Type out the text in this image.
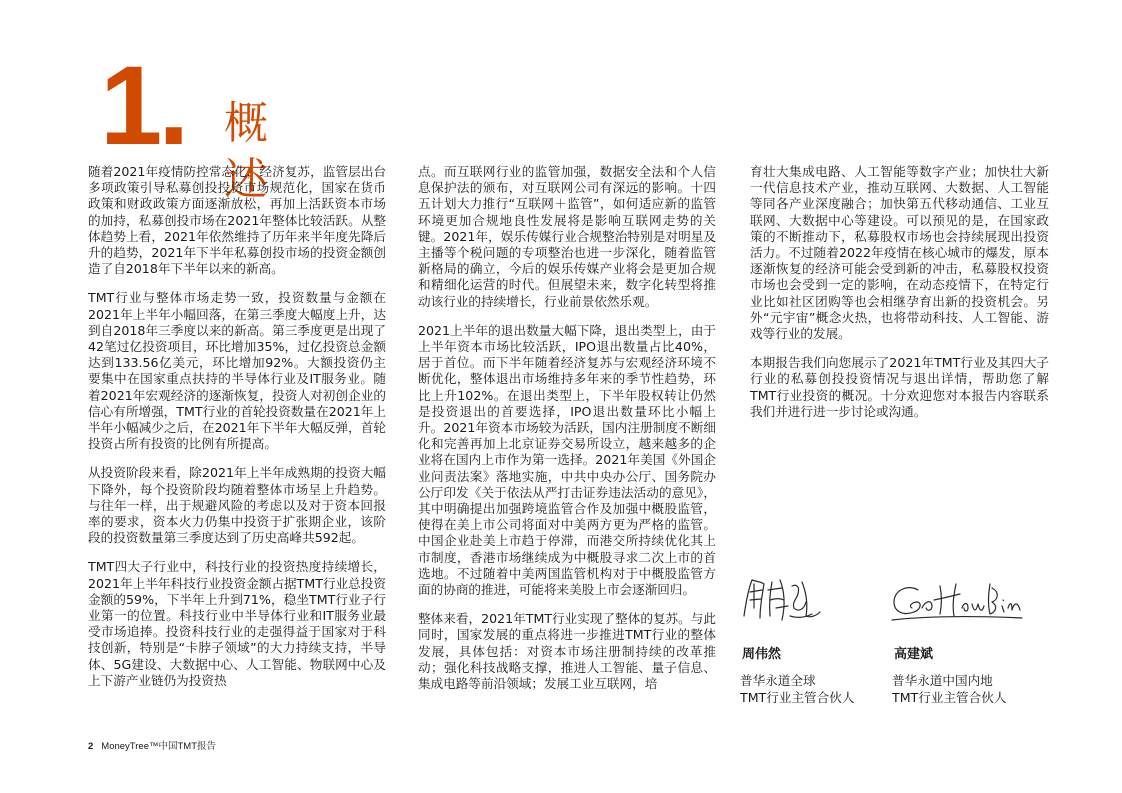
1. 概述

随着2021年疫情防控常态化，经济复苏，监管层出台多项政策引导私募创投投资市场规范化，国家在货币政策和财政政策方面逐渐放松，再加上活跃资本市场的加持，私募创投市场在2021年整体比较活跃。从整体趋势上看，2021年依然维持了历年来半年度先降后升的趋势，2021年下半年私募创投市场的投资金额创造了自2018年下半年以来的新高。

TMT行业与整体市场走势一致，投资数量与金额在2021年上半年小幅回落，在第三季度大幅度上升，达到自2018年三季度以来的新高。第三季度更是出现了42笔过亿投资项目，环比增加35%，过亿投资总金额达到133.56亿美元，环比增加92%。大额投资仍主要集中在国家重点扶持的半导体行业及IT服务业。随着2021年宏观经济的逐渐恢复，投资人对初创企业的信心有所增强，TMT行业的首轮投资数量在2021年上半年小幅减少之后，在2021年下半年大幅反弹，首轮投资占所有投资的比例有所提高。

从投资阶段来看，除2021年上半年成熟期的投资大幅下降外，每个投资阶段均随着整体市场呈上升趋势。与往年一样，出于规避风险的考虑以及对于资本回报率的要求，资本火力仍集中投资于扩张期企业，该阶段的投资数量第三季度达到了历史高峰共592起。

TMT四大子行业中，科技行业的投资热度持续增长，2021年上半年科技行业投资金额占据TMT行业总投资金额的59%，下半年上升到71%，稳坐TMT行业子行业第一的位置。科技行业中半导体行业和IT服务业最受市场追捧。投资科技行业的走强得益于国家对于科技创新，特别是“卡脖子领域”的大力持续支持，半导体、5G建设、大数据中心、人工智能、物联网中心及上下游产业链仍为投资热

点。而互联网行业的监管加强，数据安全法和个人信息保护法的颁布，对互联网公司有深远的影响。十四五计划大力推行“互联网＋监管”，如何适应新的监管环境更加合规地良性发展将是影响互联网走势的关键。2021年，娱乐传媒行业合规整治特别是对明星及主播等个税问题的专项整治也进一步深化，随着监管新格局的确立，今后的娱乐传媒产业将会是更加合规和精细化运营的时代。但展望未来，数字化转型将推动该行业的持续增长，行业前景依然乐观。

2021上半年的退出数量大幅下降，退出类型上，由于上半年资本市场比较活跃，IPO退出数量占比40%，居于首位。而下半年随着经济复苏与宏观经济环境不断优化，整体退出市场维持多年来的季节性趋势，环比上升102%。在退出类型上，下半年股权转让仍然是投资退出的首要选择，IPO退出数量环比小幅上升。2021年资本市场较为活跃，国内注册制度不断细化和完善再加上北京证券交易所设立，越来越多的企业将在国内上市作为第一选择。2021年美国《外国企业问责法案》落地实施，中共中央办公厅、国务院办公厅印发《关于依法从严打击证券违法活动的意见》，其中明确提出加强跨境监管合作及加强中概股监管，使得在美上市公司将面对中美两方更为严格的监管。中国企业赴美上市趋于停滞，而港交所持续优化其上市制度，香港市场继续成为中概股寻求二次上市的首选地。不过随着中美两国监管机构对于中概股监管方面的协商的推进，可能将来美股上市会逐渐回归。

整体来看，2021年TMT行业实现了整体的复苏。与此同时，国家发展的重点将进一步推进TMT行业的整体发展，具体包括：对资本市场注册制持续的改革推动；强化科技战略支撑，推进人工智能、量子信息、集成电路等前沿领域；发展工业互联网，培

育壮大集成电路、人工智能等数字产业；加快壮大新一代信息技术产业，推动互联网、大数据、人工智能等同各产业深度融合；加快第五代移动通信、工业互联网、大数据中心等建设。可以预见的是，在国家政策的不断推动下，私募股权市场也会持续展现出投资活力。不过随着2022年疫情在核心城市的爆发，原本逐渐恢复的经济可能会受到新的冲击，私募股权投资市场也会受到一定的影响，在动态疫情下，在特定行业比如社区团购等也会相继孕育出新的投资机会。另外“元宇宙”概念火热，也将带动科技、人工智能、游戏等行业的发展。

本期报告我们向您展示了2021年TMT行业及其四大子行业的私募创投投资情况与退出详情，帮助您了解TMT行业投资的概况。十分欢迎您对本报告内容联系我们并进行进一步讨论或沟通。

周伟然	高建斌
普华永道全球
TMT行业主管合伙人
普华永道中国内地
TMT行业主管合伙人
2 MoneyTree™中国TMT报告
